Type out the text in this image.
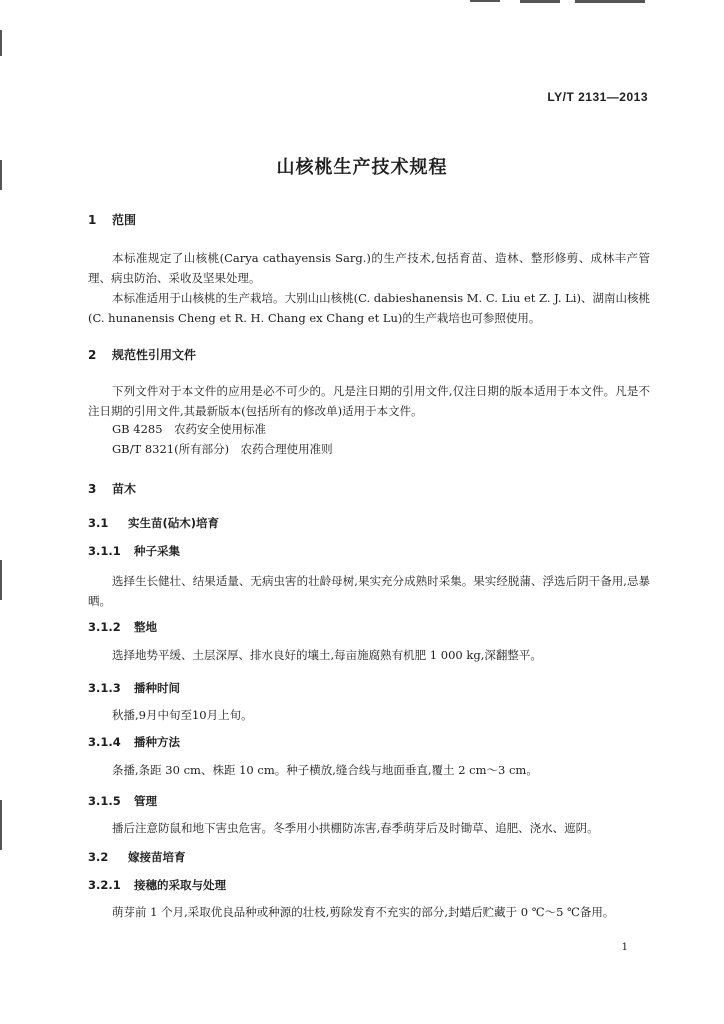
LY/T 2131—2013
山核桃生产技术规程
1 范围
本标准规定了山核桃(Carya cathayensis Sarg.)的生产技术,包括育苗、造林、整形修剪、成林丰产管理、病虫防治、采收及坚果处理。
本标准适用于山核桃的生产栽培。大别山山核桃(C. dabieshanensis M. C. Liu et Z. J. Li)、湖南山核桃(C. hunanensis Cheng et R. H. Chang ex Chang et Lu)的生产栽培也可参照使用。
2 规范性引用文件
下列文件对于本文件的应用是必不可少的。凡是注日期的引用文件,仅注日期的版本适用于本文件。凡是不注日期的引用文件,其最新版本(包括所有的修改单)适用于本文件。
GB 4285　农药安全使用标准
GB/T 8321(所有部分)　农药合理使用准则
3 苗木
3.1 实生苗(砧木)培育
3.1.1 种子采集
选择生长健壮、结果适量、无病虫害的壮龄母树,果实充分成熟时采集。果实经脱蒲、浮选后阴干备用,忌暴晒。
3.1.2 整地
选择地势平缓、土层深厚、排水良好的壤土,每亩施腐熟有机肥 1 000 kg,深翻整平。
3.1.3 播种时间
秋播,9月中旬至10月上旬。
3.1.4 播种方法
条播,条距 30 cm、株距 10 cm。种子横放,缝合线与地面垂直,覆土 2 cm～3 cm。
3.1.5 管理
播后注意防鼠和地下害虫危害。冬季用小拱棚防冻害,春季萌芽后及时锄草、追肥、浇水、遮阴。
3.2 嫁接苗培育
3.2.1 接穗的采取与处理
萌芽前 1 个月,采取优良品种或种源的壮枝,剪除发育不充实的部分,封蜡后贮藏于 0 ℃～5 ℃备用。
1
